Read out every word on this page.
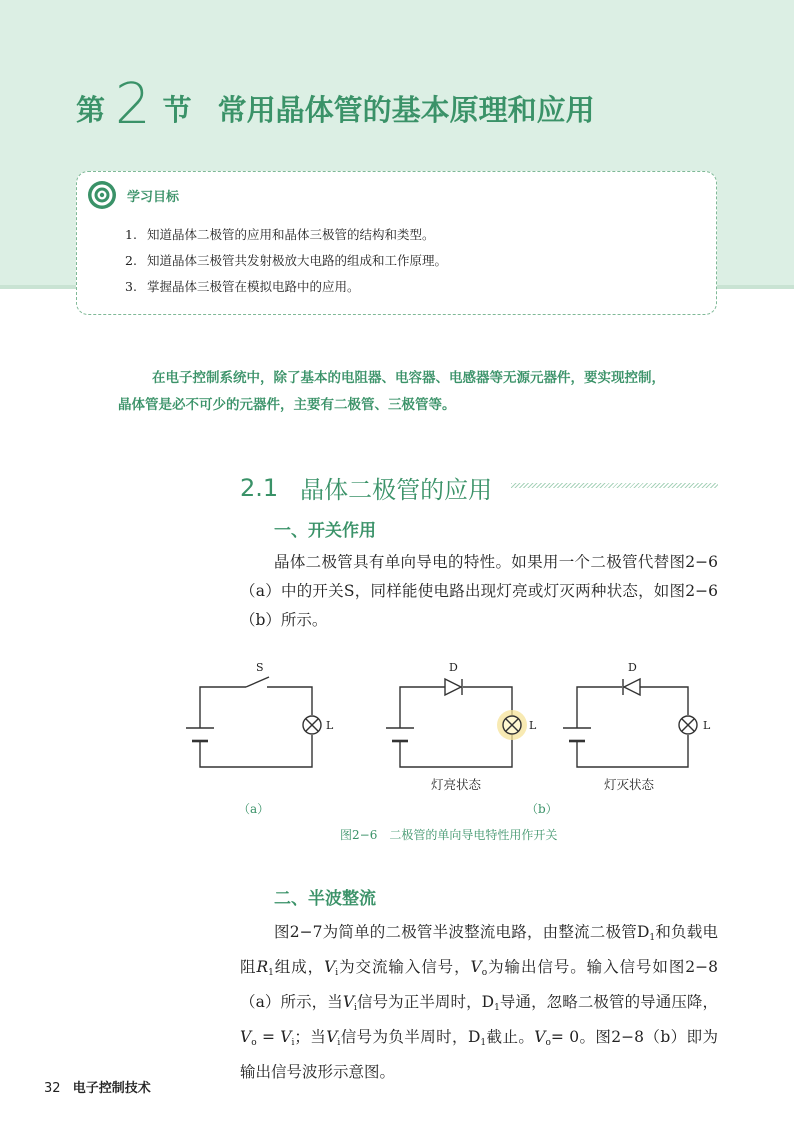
第 2 节 常用晶体管的基本原理和应用
学习目标
1. 知道晶体二极管的应用和晶体三极管的结构和类型。
2. 知道晶体三极管共发射极放大电路的组成和工作原理。
3. 掌握晶体三极管在模拟电路中的应用。
在电子控制系统中，除了基本的电阻器、电容器、电感器等无源元器件，要实现控制，晶体管是必不可少的元器件，主要有二极管、三极管等。
2.1 晶体二极管的应用
一、开关作用

晶体二极管具有单向导电的特性。如果用一个二极管代替图2−6（a）中的开关S，同样能使电路出现灯亮或灯灭两种状态，如图2−6（b）所示。

S
L
D
L
D
L
灯亮状态	灯灭状态
（a）	（b）
图2−6　二极管的单向导电特性用作开关
二、半波整流

图2−7为简单的二极管半波整流电路，由整流二极管$D_1$和负载电阻$R_1$组成，$V_i$为交流输入信号，$V_o$为输出信号。输入信号如图2−8（a）所示，当$V_i$信号为正半周时，$D_1$导通，忽略二极管的导通压降，$V_o = V_i$；当$V_i$信号为负半周时，$D_1$截止。$V_o= 0$。图2−8（b）即为输出信号波形示意图。

32 电子控制技术
